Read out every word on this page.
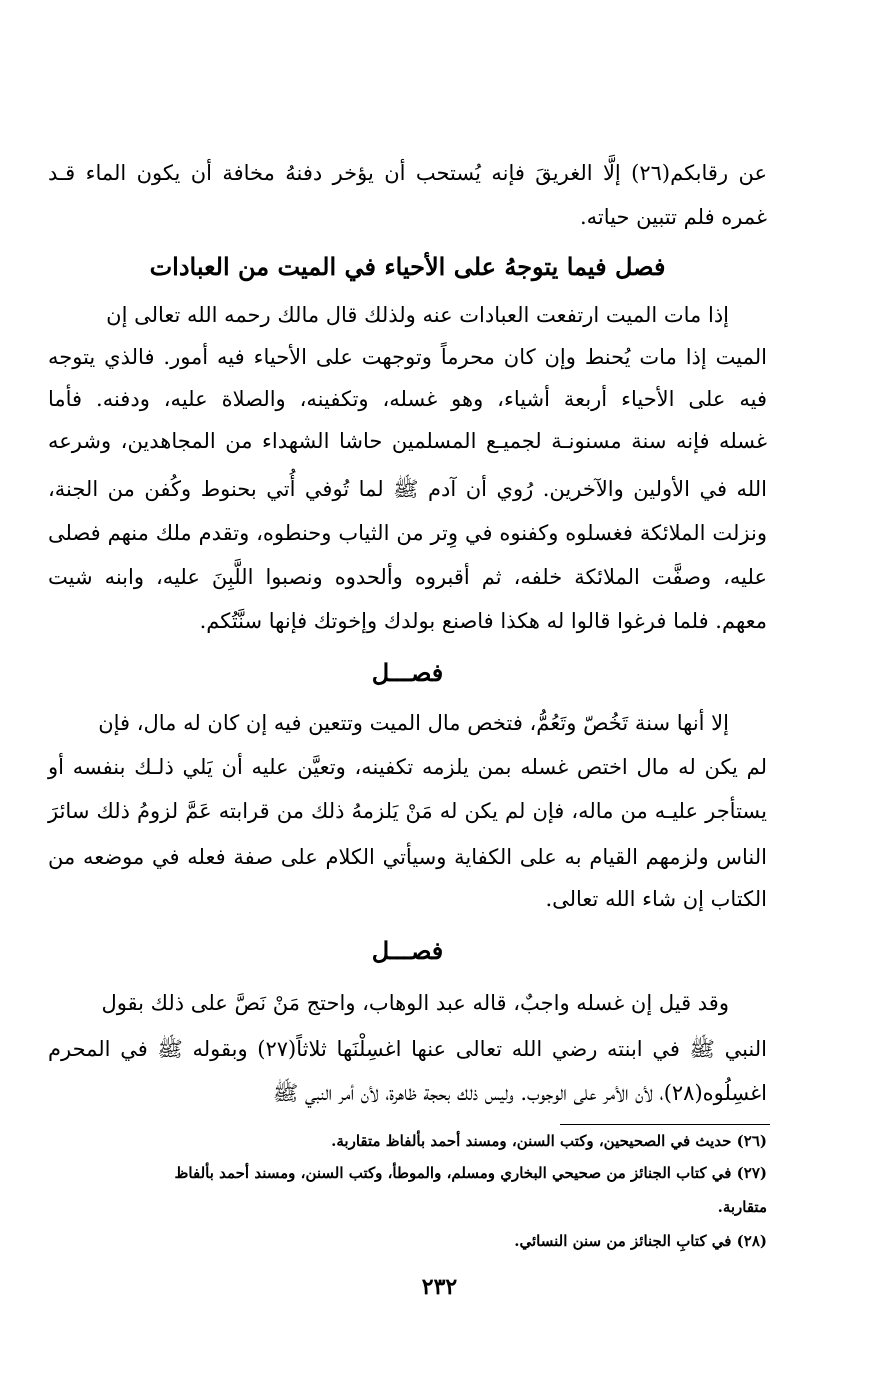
عن رقابكم(٢٦) إلَّا الغريقَ فإنه يُستحب أن يؤخر دفنهُ مخافة أن يكون الماء قـد
غمره فلم تتبين حياته.
فصل فيما يتوجهُ على الأحياء في الميت من العبادات
إذا مات الميت ارتفعت العبادات عنه ولذلك قال مالك رحمه الله تعالى إن
الميت إذا مات يُحنط وإن كان محرماً وتوجهت على الأحياء فيه أمور. فالذي يتوجه
فيه على الأحياء أربعة أشياء، وهو غسله، وتكفينه، والصلاة عليه، ودفنه. فأما
غسله فإنه سنة مسنونـة لجميـع المسلمين حاشا الشهداء من المجاهدين، وشرعه
الله في الأولين والآخرين. رُوي أن آدم ﷺ لما تُوفي أُتي بحنوط وكُفن من الجنة،
ونزلت الملائكة فغسلوه وكفنوه في وِتر من الثياب وحنطوه، وتقدم ملك منهم فصلى
عليه، وصفَّت الملائكة خلفه، ثم أقبروه وألحدوه ونصبوا اللَّبِنَ عليه، وابنه شيت
معهم. فلما فرغوا قالوا له هكذا فاصنع بولدك وإخوتك فإنها سنَّتُكم.
فصـــل
إلا أنها سنة تَخُصّ وتَعُمُّ، فتخص مال الميت وتتعين فيه إن كان له مال، فإن
لم يكن له مال اختص غسله بمن يلزمه تكفينه، وتعيَّن عليه أن يَلي ذلـك بنفسه أو
يستأجر عليـه من ماله، فإن لم يكن له مَنْ يَلزمهُ ذلك من قرابته عَمَّ لزومُ ذلك سائرَ
الناس ولزمهم القيام به على الكفاية وسيأتي الكلام على صفة فعله في موضعه من
الكتاب إن شاء الله تعالى.
فصـــل
وقد قيل إن غسله واجبٌ، قاله عبد الوهاب، واحتج مَنْ نَصَّ على ذلك بقول
النبي ﷺ في ابنته رضي الله تعالى عنها اغسِلْنَها ثلاثاً(٢٧) وبقوله ﷺ في المحرم
اغسِلُوه(٢٨)، لأن الأمر على الوجوب. وليس ذلك بحجة ظاهرة، لأن أمر النبي ﷺ
(٢٦) حديث في الصحيحين، وكتب السنن، ومسند أحمد بألفاظ متقاربة.
(٢٧) في كتاب الجنائز من صحيحي البخاري ومسلم، والموطأ، وكتب السنن، ومسند أحمد بألفاظ
متقاربة.
(٢٨) في كتابِ الجنائز من سنن النسائي.
٢٣٢
